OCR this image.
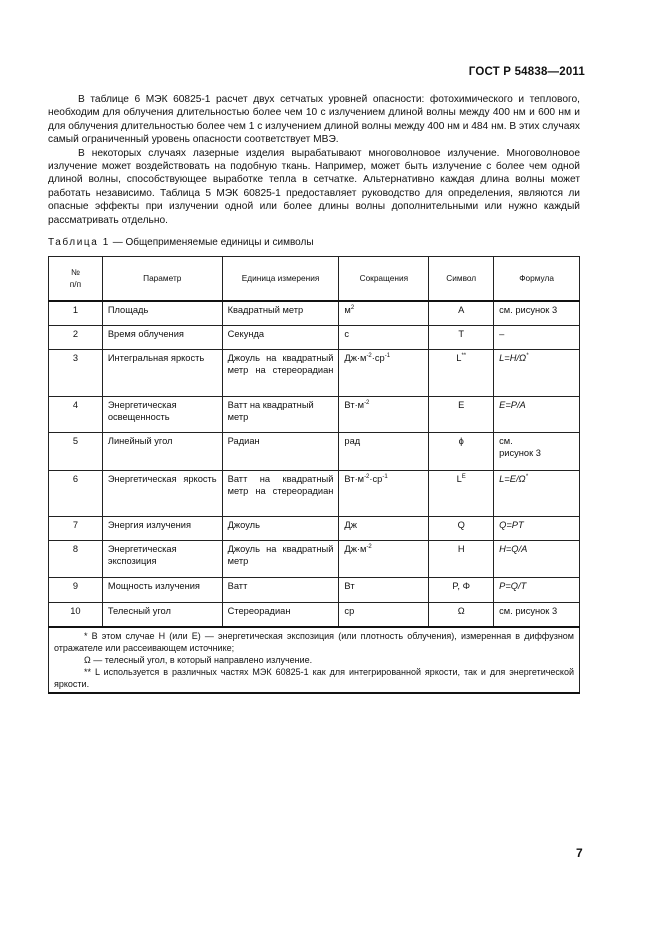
ГОСТ Р 54838—2011

В таблице 6 МЭК 60825-1 расчет двух сетчатых уровней опасности: фотохимического и теплового, необходим для облучения длительностью более чем 10 с излучением длиной волны между 400 нм и 600 нм и для облучения длительностью более чем 1 с излучением длиной волны между 400 нм и 484 нм. В этих случаях самый ограниченный уровень опасности соответствует МВЭ.

В некоторых случаях лазерные изделия вырабатывают многоволновое излучение. Многоволновое излучение может воздействовать на подобную ткань. Например, может быть излучение с более чем одной длиной волны, способствующее выработке тепла в сетчатке. Альтернативно каждая длина волны может работать независимо. Таблица 5 МЭК 60825-1 предоставляет руководство для определения, являются ли опасные эффекты при излучении одной или более длины волны дополнительными или нужно каждый рассматривать отдельно.

Таблица 1 — Общеприменяемые единицы и символы
№
п/п	Параметр	Единица измерения	Сокращения	Символ	Формула
1	Площадь	Квадратный метр	$м^2$	A	см. рисунок 3
2	Время облучения	Секунда	с	T	–
3	Интегральная яркость	Джоуль на квадратный метр на стереорадиан	$Дж\cdot м^{-2}\cdot ср^{-1}$	L**	L=H/Ω*
4	Энергетическая освещенность	Ватт на квадратный метр	$Вт\cdot м^{-2}$	E	E=P/A
5	Линейный угол	Радиан	рад	ϕ	см.
рисунок 3
6	Энергетическая яркость	Ватт на квадратный метр на стереорадиан	$Вт\cdot м^{-2}\cdot ср^{-1}$	$L^E$	L=E/Ω*
7	Энергия излучения	Джоуль	Дж	Q	Q=PT
8	Энергетическая экспозиция	Джоуль на квадратный метр	$Дж\cdot м^{-2}$	H	H=Q/A
9	Мощность излучения	Ватт	Вт	P, Φ	P=Q/T
10	Телесный угол	Стереорадиан	ср	Ω	см. рисунок 3

* В этом случае H (или E) — энергетическая экспозиция (или плотность облучения), измеренная в диффузном отражателе или рассеивающем источнике;
Ω — телесный угол, в который направлено излучение.
** L используется в различных частях МЭК 60825-1 как для интегрированной яркости, так и для энергетической яркости.					
7
